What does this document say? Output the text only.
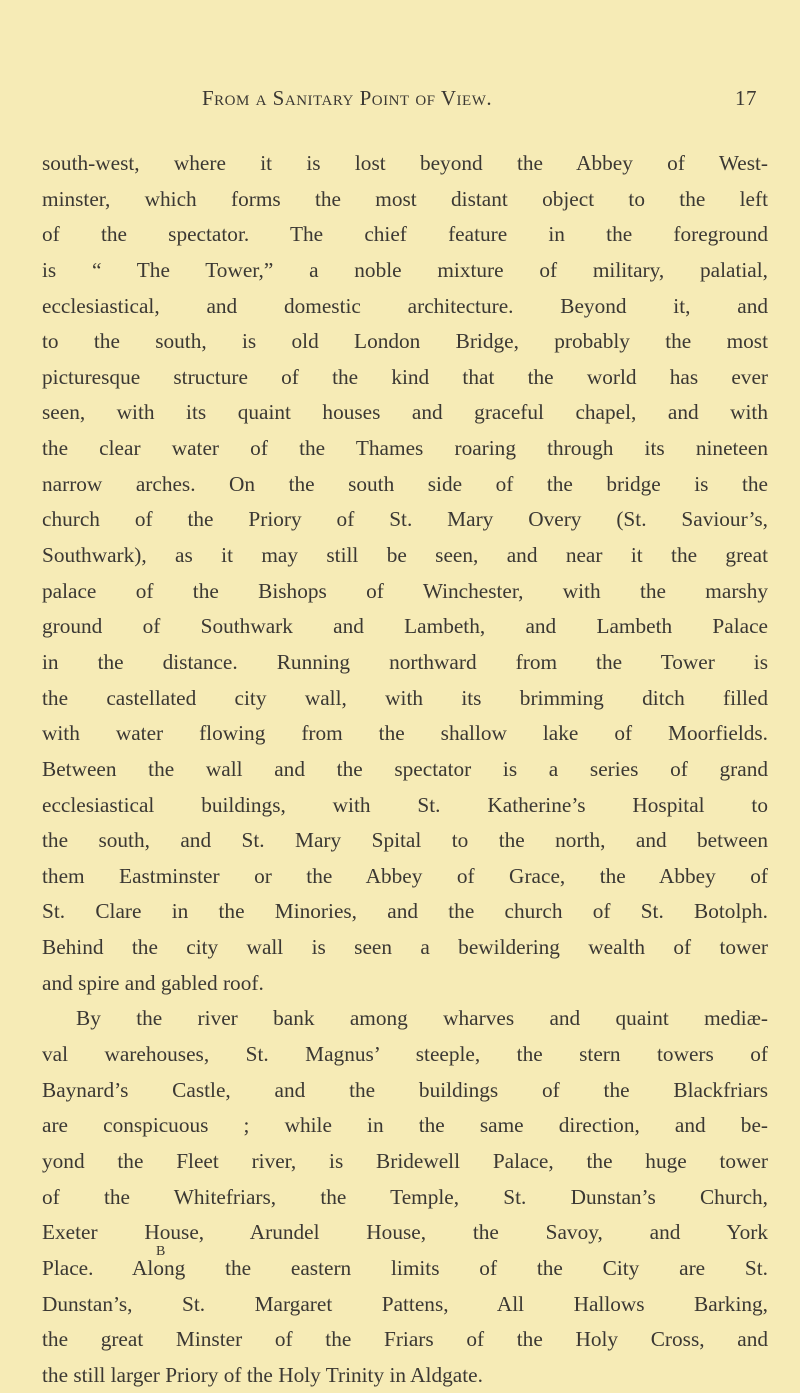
From a Sanitary Point of View.	17
south-west, where it is lost beyond the Abbey of West-
minster, which forms the most distant object to the left
of the spectator. The chief feature in the foreground
is “ The Tower,” a noble mixture of military, palatial,
ecclesiastical, and domestic architecture. Beyond it, and
to the south, is old London Bridge, probably the most
picturesque structure of the kind that the world has ever
seen, with its quaint houses and graceful chapel, and with
the clear water of the Thames roaring through its nineteen
narrow arches. On the south side of the bridge is the
church of the Priory of St. Mary Overy (St. Saviour’s,
Southwark), as it may still be seen, and near it the great
palace of the Bishops of Winchester, with the marshy
ground of Southwark and Lambeth, and Lambeth Palace
in the distance. Running northward from the Tower is
the castellated city wall, with its brimming ditch filled
with water flowing from the shallow lake of Moorfields.
Between the wall and the spectator is a series of grand
ecclesiastical buildings, with St. Katherine’s Hospital to
the south, and St. Mary Spital to the north, and between
them Eastminster or the Abbey of Grace, the Abbey of
St. Clare in the Minories, and the church of St. Botolph.
Behind the city wall is seen a bewildering wealth of tower
and spire and gabled roof.
By the river bank among wharves and quaint mediæ-
val warehouses, St. Magnus’ steeple, the stern towers of
Baynard’s Castle, and the buildings of the Blackfriars
are conspicuous ; while in the same direction, and be-
yond the Fleet river, is Bridewell Palace, the huge tower
of the Whitefriars, the Temple, St. Dunstan’s Church,
Exeter House, Arundel House, the Savoy, and York
Place. Along the eastern limits of the City are St.
Dunstan’s, St. Margaret Pattens, All Hallows Barking,
the great Minster of the Friars of the Holy Cross, and
the still larger Priory of the Holy Trinity in Aldgate.
B
